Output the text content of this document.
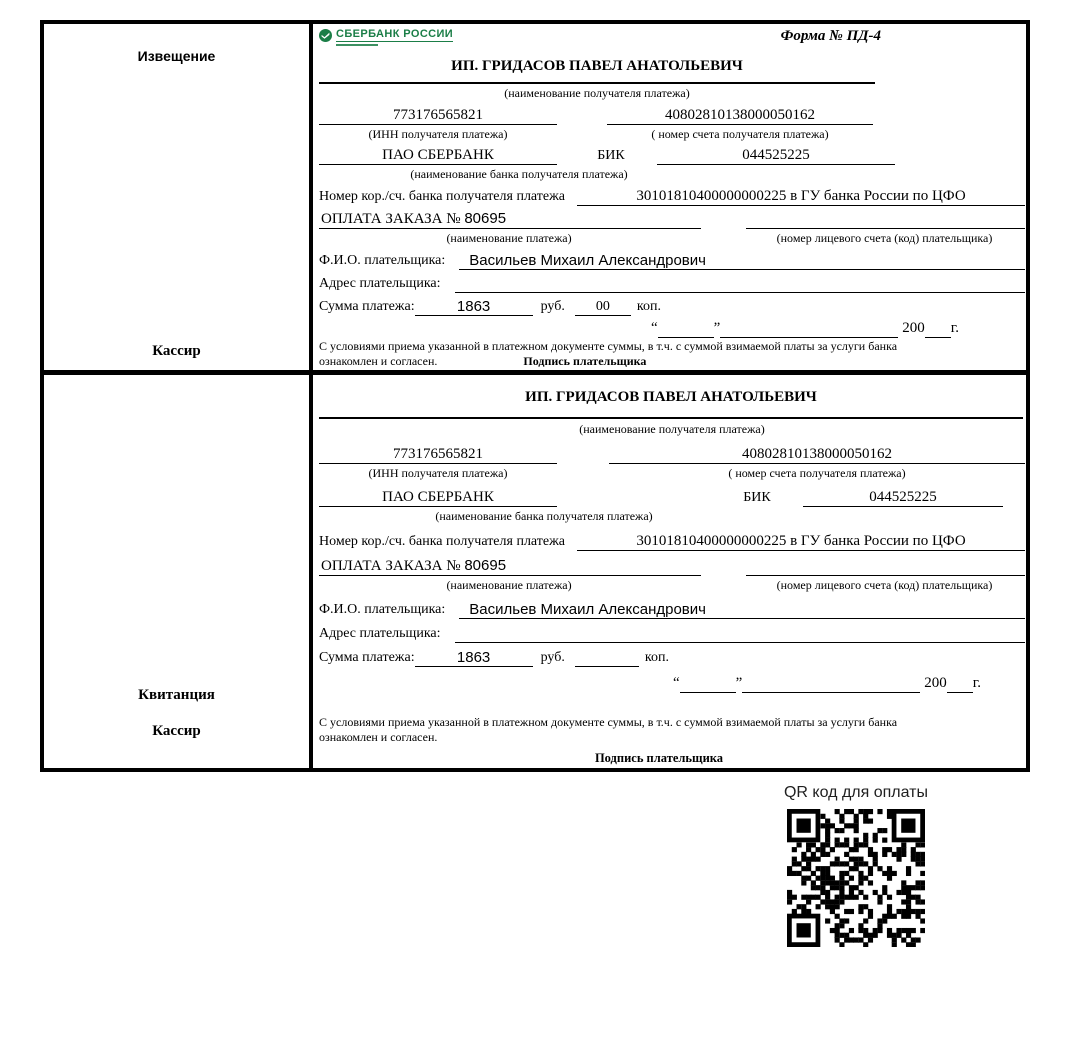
Извещение
Кассир
СБЕРБАНК РОССИИ	Форма № ПД-4
ИП. ГРИДАСОВ ПАВЕЛ АНАТОЛЬЕВИЧ
(наименование получателя платежа)
773176565821	40802810138000050162
(ИНН получателя платежа)	( номер счета получателя платежа)
ПАО СБЕРБАНК	БИК	044525225
(наименование банка получателя платежа)
Номер кор./сч. банка получателя платежа	30101810400000000225 в ГУ банка России по ЦФО
ОПЛАТА ЗАКАЗА № 80695
(наименование платежа)	(номер лицевого счета (код) плательщика)
Ф.И.О. плательщика:	Васильев Михаил Александрович
Адрес плательщика:
Сумма платежа:	1863	руб.	00	коп.
“	”	200 г.
С условиями приема указанной в платежном документе суммы, в т.ч. с суммой взимаемой платы за услуги банка
ознакомлен и согласен.	Подпись плательщика
Квитанция
Кассир
ИП. ГРИДАСОВ ПАВЕЛ АНАТОЛЬЕВИЧ
(наименование получателя платежа)
773176565821	40802810138000050162
(ИНН получателя платежа)	( номер счета получателя платежа)
ПАО СБЕРБАНК	БИК	044525225
(наименование банка получателя платежа)
Номер кор./сч. банка получателя платежа	30101810400000000225 в ГУ банка России по ЦФО
ОПЛАТА ЗАКАЗА № 80695
(наименование платежа)	(номер лицевого счета (код) плательщика)
Ф.И.О. плательщика:	Васильев Михаил Александрович
Адрес плательщика:
Сумма платежа:	1863	руб.	коп.
“	”	200 г.
С условиями приема указанной в платежном документе суммы, в т.ч. с суммой взимаемой платы за услуги банка
ознакомлен и согласен.
Подпись плательщика
QR код для оплаты
